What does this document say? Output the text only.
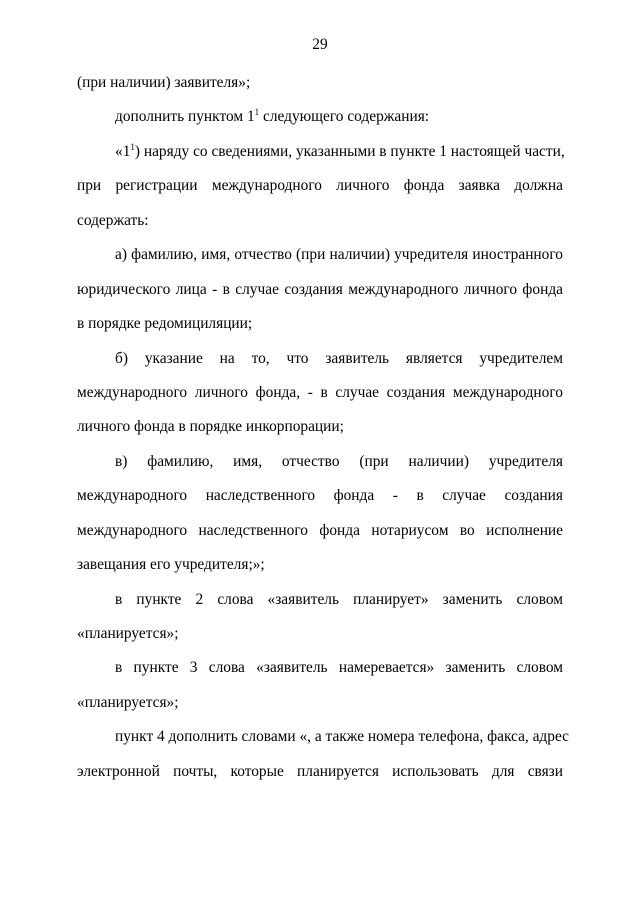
29
(при наличии) заявителя»;
дополнить пунктом $1^1$ следующего содержания:
«$1^1$) наряду со сведениями, указанными в пункте 1 настоящей части,
при регистрации международного личного фонда заявка должна
содержать:
а) фамилию, имя, отчество (при наличии) учредителя иностранного
юридического лица - в случае создания международного личного фонда
в порядке редомициляции;
б) указание на то, что заявитель является учредителем
международного личного фонда, - в случае создания международного
личного фонда в порядке инкорпорации;
в) фамилию, имя, отчество (при наличии) учредителя
международного наследственного фонда - в случае создания
международного наследственного фонда нотариусом во исполнение
завещания его учредителя;»;
в пункте 2 слова «заявитель планирует» заменить словом
«планируется»;
в пункте 3 слова «заявитель намеревается» заменить словом
«планируется»;
пункт 4 дополнить словами «, а также номера телефона, факса, адрес
электронной почты, которые планируется использовать для связи
